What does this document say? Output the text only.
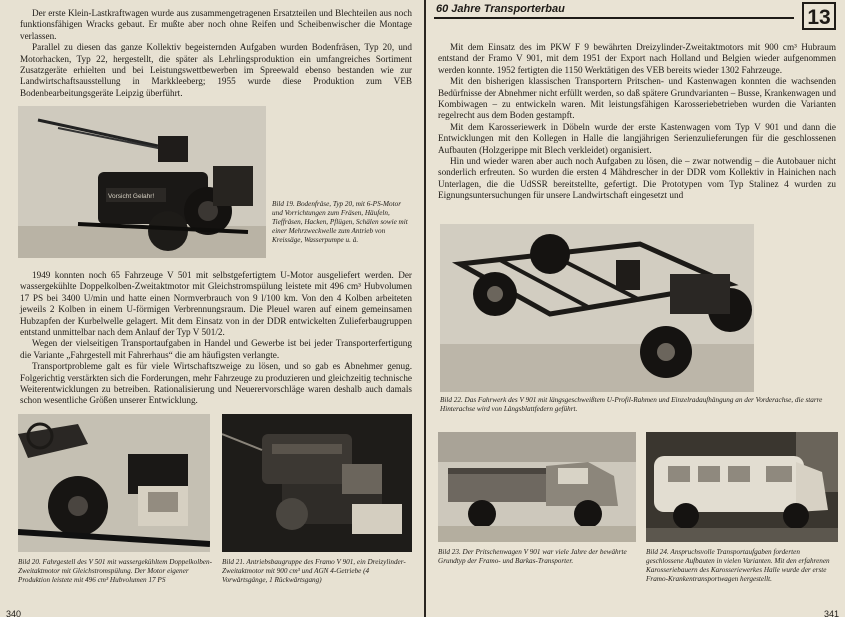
Der erste Klein-Lastkraftwagen wurde aus zusammengetragenen Ersatzteilen und Blechteilen aus noch funktionsfähigen Wracks gebaut. Er mußte aber noch ohne Reifen und Scheibenwischer die Montage verlassen.

Parallel zu diesen das ganze Kollektiv begeisternden Aufgaben wurden Bodenfräsen, Typ 20, und Motorhacken, Typ 22, hergestellt, die später als Lehrlingsproduktion ein umfangreiches Sortiment Zusatzgeräte erhielten und bei Leistungswettbewerben im Spreewald ebenso bestanden wie zur Landwirtschaftsausstellung in Markkleeberg; 1955 wurde diese Produktion zum VEB Bodenbearbeitungsgeräte Leipzig überführt.

Vorsicht Gelahr!
Bild 19. Bodenfräse, Typ 20, mit 6-PS-Motor und Vorrichtungen zum Fräsen, Häufeln, Tieffräsen, Hacken, Pflügen, Schälen sowie mit einer Mehrzweckwelle zum Antrieb von Kreissäge, Wasserpumpe u. ä.

1949 konnten noch 65 Fahrzeuge V 501 mit selbstgefertigtem U-Motor ausgeliefert werden. Der wassergekühlte Doppelkolben-Zweitaktmotor mit Gleichstromspülung leistete mit 496 cm³ Hubvolumen 17 PS bei 3400 U/min und hatte einen Normverbrauch von 9 l/100 km. Von den 4 Kolben arbeiteten jeweils 2 Kolben in einem U-förmigen Verbrennungsraum. Die Pleuel waren auf einem gemeinsamen Hubzapfen der Kurbelwelle gelagert. Mit dem Einsatz von in der DDR entwickelten Zulieferbaugruppen entstand unmittelbar nach dem Anlauf der Typ V 501/2.

Wegen der vielseitigen Transportaufgaben in Handel und Gewerbe ist bei jeder Transporterfertigung die Variante „Fahrgestell mit Fahrerhaus“ die am häufigsten verlangte.

Transportprobleme galt es für viele Wirtschaftszweige zu lösen, und so gab es Abnehmer genug. Folgerichtig verstärkten sich die Forderungen, mehr Fahrzeuge zu produzieren und gleichzeitig technische Weiterentwicklungen zu betreiben. Rationalisierung und Neuerervorschläge waren deshalb auch damals schon wesentliche Größen unserer Entwicklung.

Bild 20. Fahrgestell des V 501 mit wassergekühltem Doppelkolben-Zweitaktmotor mit Gleichstromspülung. Der Motor eigener Produktion leistete mit 496 cm³ Hubvolumen 17 PS
Bild 21. Antriebsbaugruppe des Framo V 901, ein Dreizylinder-Zweitaktmotor mit 900 cm³ und AGN 4-Getriebe (4 Vorwärtsgänge, 1 Rückwärtsgang)
340
60 Jahre Transporterbau	13

Mit dem Einsatz des im PKW F 9 bewährten Dreizylinder-Zweitaktmotors mit 900 cm³ Hubraum entstand der Framo V 901, mit dem 1951 der Export nach Holland und Belgien wieder aufgenommen werden konnte. 1952 fertigten die 1150 Werktätigen des VEB bereits wieder 1302 Fahrzeuge.

Mit den bisherigen klassischen Transportern Pritschen- und Kastenwagen konnten die wachsenden Bedürfnisse der Abnehmer nicht erfüllt werden, so daß spätere Grundvarianten – Busse, Krankenwagen und Kombiwagen – zu entwickeln waren. Mit leistungsfähigen Karosseriebetrieben wurden die Varianten regelrecht aus dem Boden gestampft.

Mit dem Karosseriewerk in Döbeln wurde der erste Kastenwagen vom Typ V 901 und dann die Entwicklungen mit den Kollegen in Halle die langjährigen Serienzulieferungen für die geschlossenen Aufbauten (Holzgerippe mit Blech verkleidet) organisiert.

Hin und wieder waren aber auch noch Aufgaben zu lösen, die – zwar notwendig – die Autobauer nicht sonderlich erfreuten. So wurden die ersten 4 Mähdrescher in der DDR vom Kollektiv in Hainichen nach Unterlagen, die die UdSSR bereitstellte, gefertigt. Die Prototypen vom Typ Stalinez 4 wurden zu Eignungsuntersuchungen für unsere Landwirtschaft eingesetzt und

Bild 22. Das Fahrwerk des V 901 mit längsgeschweißtem U-Profil-Rahmen und Einzelradaufhängung an der Vorderachse, die starre Hinterachse wird von Längsblattfedern geführt.
Bild 23. Der Pritschenwagen V 901 war viele Jahre der bewährte Grundtyp der Framo- und Barkas-Transporter.
Bild 24. Anspruchsvolle Transportaufgaben forderten geschlossene Aufbauten in vielen Varianten. Mit den erfahrenen Karosseriebauern des Karosseriewerkes Halle wurde der erste Framo-Krankentransportwagen hergestellt.
341
